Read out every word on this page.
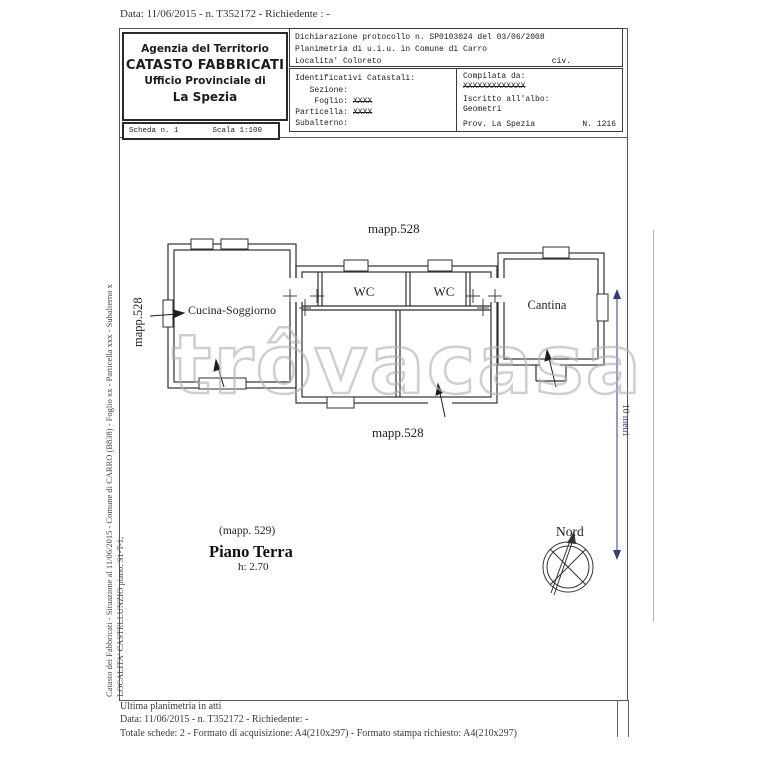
Data: 11/06/2015 - n. T352172 - Richiedente : -
Agenzia del Territorio
CATASTO FABBRICATI
Ufficio Provinciale di
La Spezia
Scheda n. 1	Scala 1:100
Dichiarazione protocollo n. SP0103024 del 03/06/2008
Planimetria di u.i.u. in Comune di Carro
Localita' Coloreto	civ.
Identificativi Catastali:
Sezione:
Foglio: XXXX
Particella: XXXX
Subalterno:
Compilata da:
XXXXXXXXXXXXX
Iscritto all'albo:
Geometri
Prov. La Spezia	N. 1216
Catasto dei Fabbricati - Situazione al 11/06/2015 - Comune di CARRO (B838) - Foglio xx - Particella xxx - Subalterno x LOCALITA' CASTELLUNZIO piano: S1-T-1,
mapp.528
mapp.528
mapp.528	Cucina-Soggiorno
WC	WC
Cantina
(mapp. 529)
Piano Terra
h: 2.70
10 metri
Nord
trôvacasa
Ultima planimetria in atti
Data: 11/06/2015 - n. T352172 - Richiedente: -
Totale schede: 2 - Formato di acquisizione: A4(210x297) - Formato stampa richiesto: A4(210x297)
